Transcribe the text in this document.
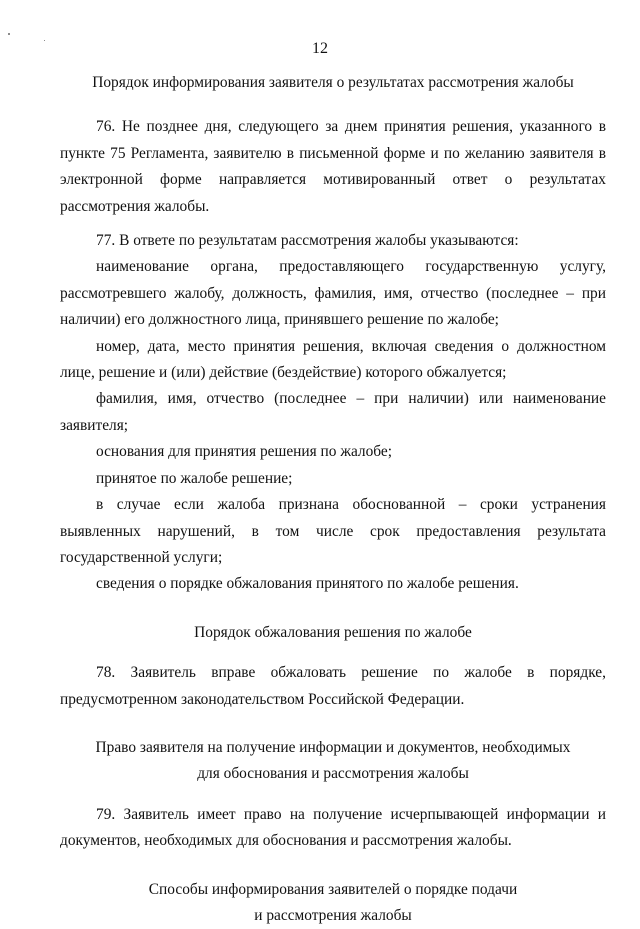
12

Порядок информирования заявителя о результатах рассмотрения жалобы

76. Не позднее дня, следующего за днем принятия решения, указанного в пункте 75 Регламента, заявителю в письменной форме и по желанию заявителя в электронной форме направляется мотивированный ответ о результатах рассмотрения жалобы.

77. В ответе по результатам рассмотрения жалобы указываются:

наименование органа, предоставляющего государственную услугу, рассмотревшего жалобу, должность, фамилия, имя, отчество (последнее – при наличии) его должностного лица, принявшего решение по жалобе;

номер, дата, место принятия решения, включая сведения о должностном лице, решение и (или) действие (бездействие) которого обжалуется;

фамилия, имя, отчество (последнее – при наличии) или наименование заявителя;

основания для принятия решения по жалобе;

принятое по жалобе решение;

в случае если жалоба признана обоснованной – сроки устранения выявленных нарушений, в том числе срок предоставления результата государственной услуги;

сведения о порядке обжалования принятого по жалобе решения.

Порядок обжалования решения по жалобе

78. Заявитель вправе обжаловать решение по жалобе в порядке, предусмотренном законодательством Российской Федерации.

Право заявителя на получение информации и документов, необходимых
для обоснования и рассмотрения жалобы

79. Заявитель имеет право на получение исчерпывающей информации и документов, необходимых для обоснования и рассмотрения жалобы.

Способы информирования заявителей о порядке подачи
и рассмотрения жалобы
